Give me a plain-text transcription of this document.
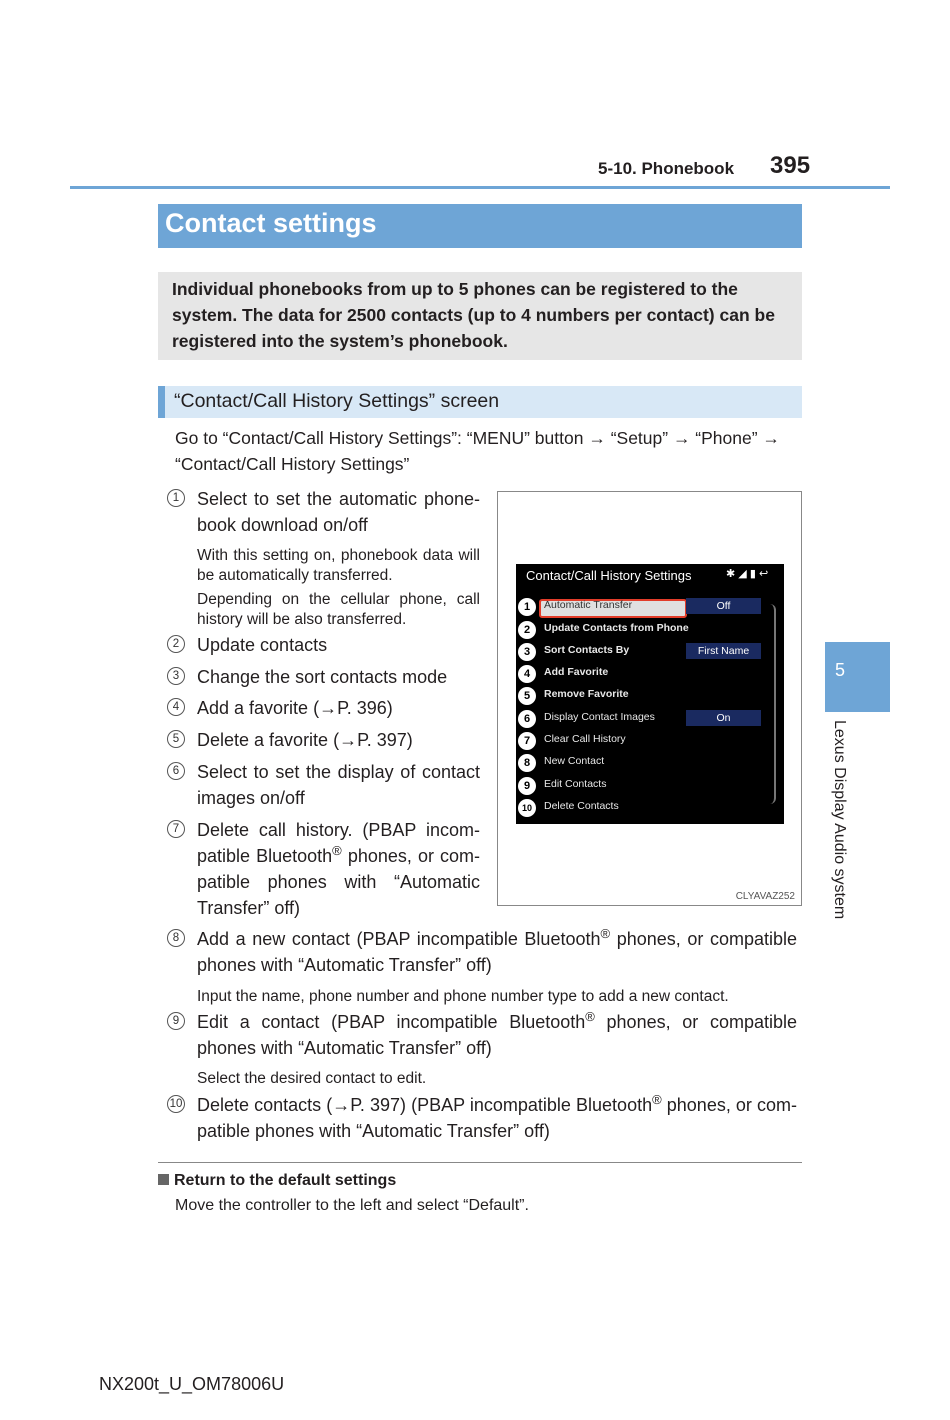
5-10. Phonebook 395
Contact settings
Individual phonebooks from up to 5 phones can be registered to the system. The data for 2500 contacts (up to 4 numbers per contact) can be registered into the system’s phonebook.
“Contact/Call History Settings” screen
Go to “Contact/Call History Settings”: “MENU” button → “Setup” → “Phone” → “Contact/Call History Settings”
1 Select to set the automatic phone-book download on/off
With this setting on, phonebook data will be automatically transferred.
Depending on the cellular phone, call history will be also transferred.
2 Update contacts
3 Change the sort contacts mode
4 Add a favorite (→P. 396)
5 Delete a favorite (→P. 397)
6 Select to set the display of contact images on/off
7 Delete call history. (PBAP incom-patible Bluetooth® phones, or com-patible phones with “Automatic Transfer” off)
8 Add a new contact (PBAP incompatible Bluetooth® phones, or compatible phones with “Automatic Transfer” off)
Input the name, phone number and phone number type to add a new contact.
9 Edit a contact (PBAP incompatible Bluetooth® phones, or compatible phones with “Automatic Transfer” off)
Select the desired contact to edit.
10 Delete contacts (→P. 397) (PBAP incompatible Bluetooth® phones, or com-patible phones with “Automatic Transfer” off)
Contact/Call History Settings	✱ ◢ ▮ ↩
1	Automatic Transfer	Off
2	Update Contacts from Phone
3	Sort Contacts By	First Name
4	Add Favorite
5	Remove Favorite
6	Display Contact Images	On
7	Clear Call History
8	New Contact
9	Edit Contacts
10	Delete Contacts
CLYAVAZ252
Return to the default settings
Move the controller to the left and select “Default”.
5
Lexus Display Audio system
NX200t_U_OM78006U
